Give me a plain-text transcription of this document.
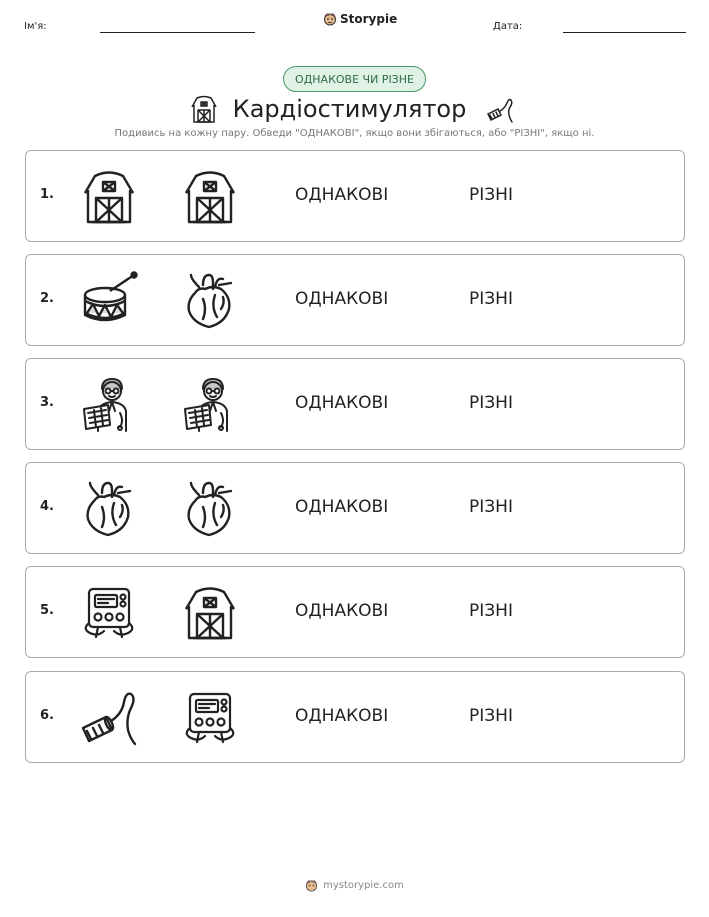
Ім'я:
Storypie
Дата:
ОДНАКОВЕ ЧИ РІЗНЕ
Кардіостимулятор
Подивись на кожну пару. Обведи "ОДНАКОВІ", якщо вони збігаються, або "РІЗНІ", якщо ні.
1.	ОДНАКОВІ	РІЗНІ
2.	ОДНАКОВІ	РІЗНІ
3.	ОДНАКОВІ	РІЗНІ
4.	ОДНАКОВІ	РІЗНІ
5.	ОДНАКОВІ	РІЗНІ
6.	ОДНАКОВІ	РІЗНІ
mystorypie.com
